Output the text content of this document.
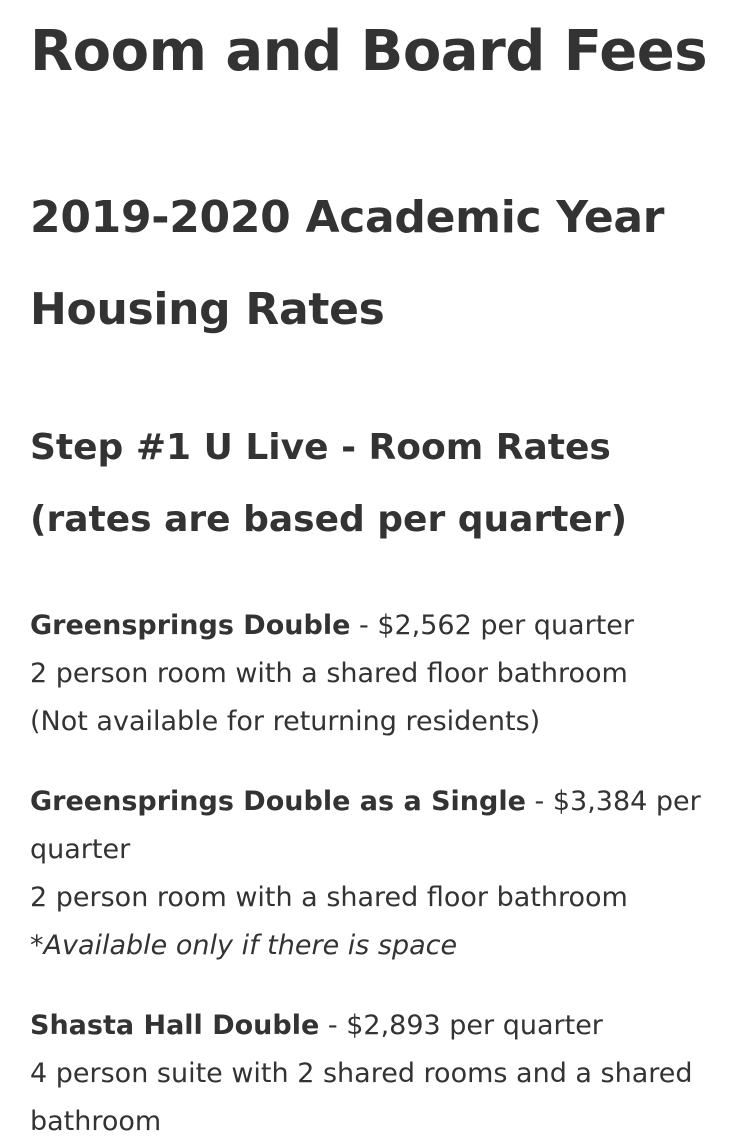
Room and Board Fees
2019-2020 Academic Year Housing Rates
Step #1 U Live - Room Rates (rates are based per quarter)
Greensprings Double - $2,562 per quarter
2 person room with a shared floor bathroom
(Not available for returning residents)
Greensprings Double as a Single - $3,384 per quarter
2 person room with a shared floor bathroom
*Available only if there is space
Shasta Hall Double - $2,893 per quarter
4 person suite with 2 shared rooms and a shared bathroom
